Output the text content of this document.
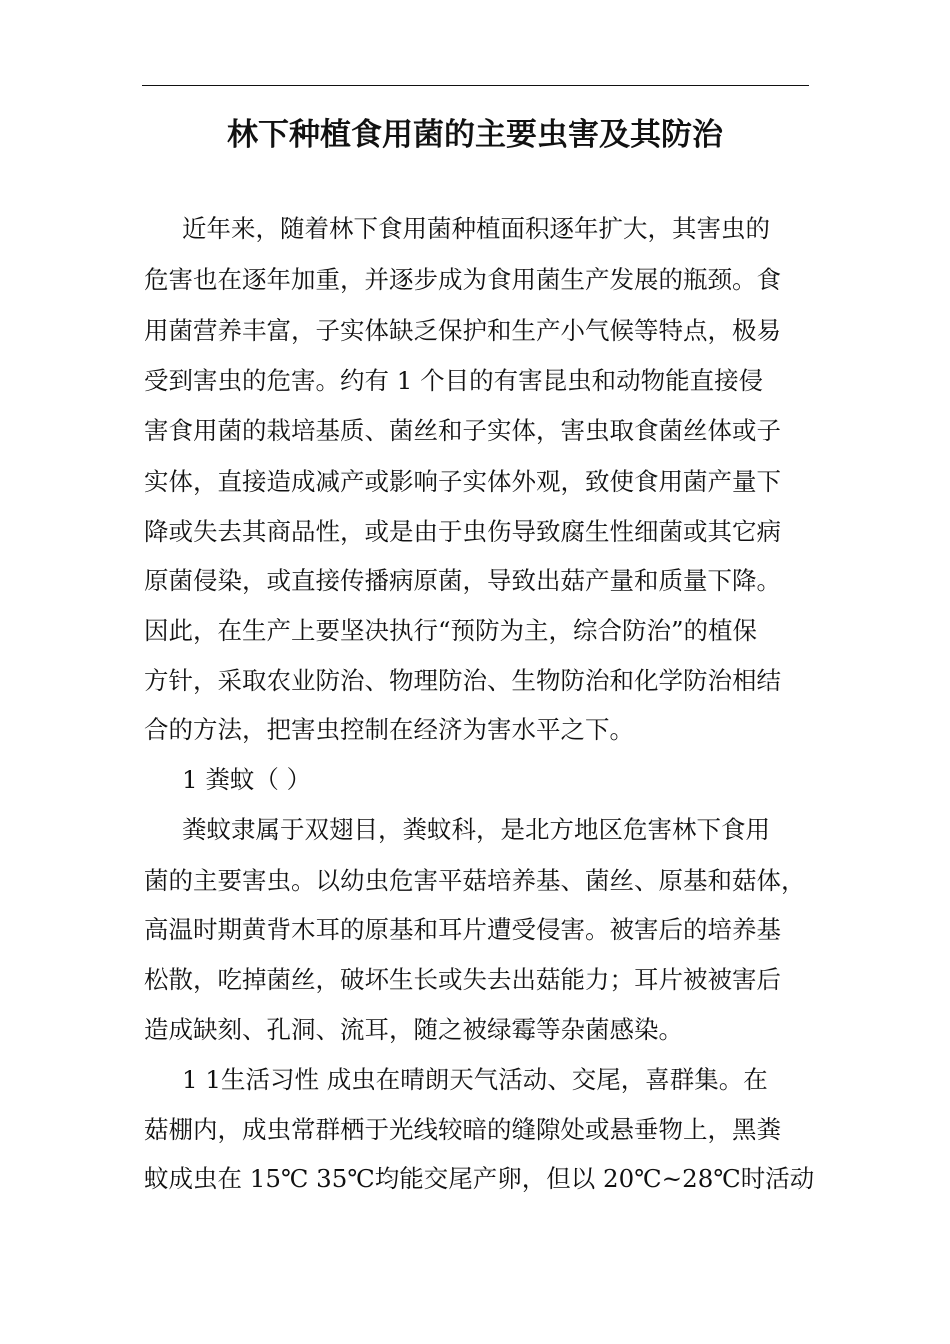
林下种植食用菌的主要虫害及其防治

近年来，随着林下食用菌种植面积逐年扩大，其害虫的

危害也在逐年加重，并逐步成为食用菌生产发展的瓶颈。食

用菌营养丰富，子实体缺乏保护和生产小气候等特点，极易

受到害虫的危害。约有 1 个目的有害昆虫和动物能直接侵

害食用菌的栽培基质、菌丝和子实体，害虫取食菌丝体或子

实体，直接造成减产或影响子实体外观，致使食用菌产量下

降或失去其商品性，或是由于虫伤导致腐生性细菌或其它病

原菌侵染，或直接传播病原菌，导致出菇产量和质量下降。

因此，在生产上要坚决执行“预防为主，综合防治”的植保

方针，采取农业防治、物理防治、生物防治和化学防治相结

合的方法，把害虫控制在经济为害水平之下。

1 粪蚊（ ）

粪蚊隶属于双翅目，粪蚊科，是北方地区危害林下食用

菌的主要害虫。以幼虫危害平菇培养基、菌丝、原基和菇体，

高温时期黄背木耳的原基和耳片遭受侵害。被害后的培养基

松散，吃掉菌丝，破坏生长或失去出菇能力；耳片被被害后

造成缺刻、孔洞、流耳，随之被绿霉等杂菌感染。

1 1生活习性 成虫在晴朗天气活动、交尾，喜群集。在

菇棚内，成虫常群栖于光线较暗的缝隙处或悬垂物上，黑粪

蚊成虫在 15℃ 35℃均能交尾产卵，但以 20℃~28℃时活动
